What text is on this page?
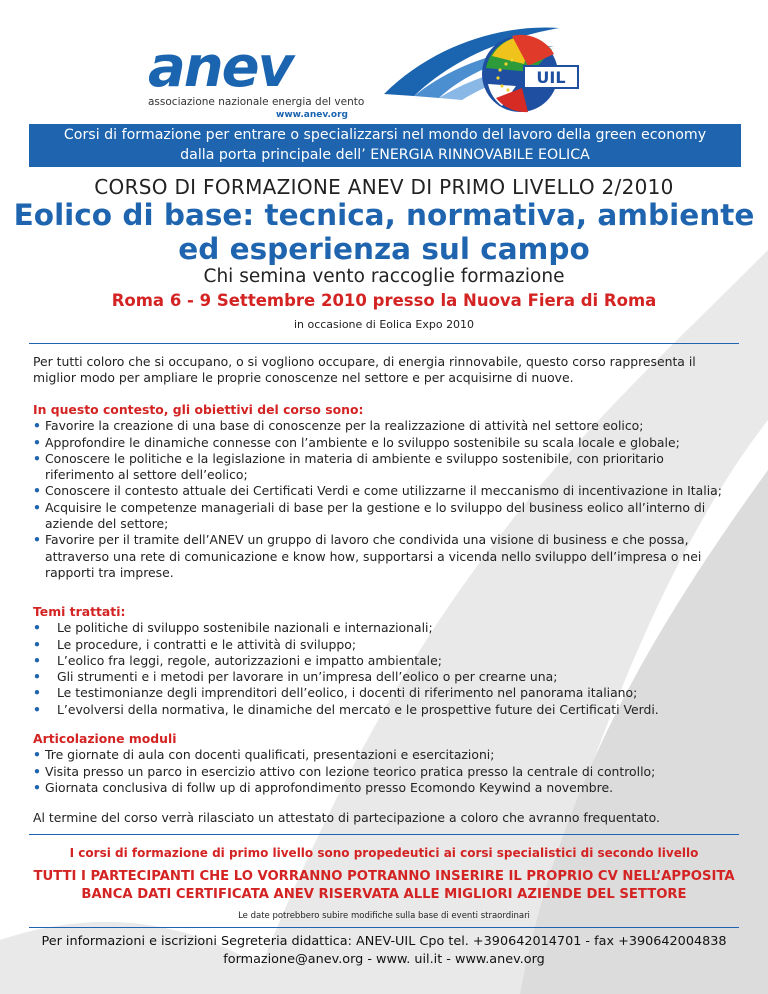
anev
associazione nazionale energia del vento
www.anev.org
UIL
Corsi di formazione per entrare o specializzarsi nel mondo del lavoro della green economy
dalla porta principale dell’ ENERGIA RINNOVABILE EOLICA
CORSO DI FORMAZIONE ANEV DI PRIMO LIVELLO 2/2010
Eolico di base: tecnica, normativa, ambiente
ed esperienza sul campo
Chi semina vento raccoglie formazione
Roma 6 - 9 Settembre 2010 presso la Nuova Fiera di Roma
in occasione di Eolica Expo 2010
Per tutti coloro che si occupano, o si vogliono occupare, di energia rinnovabile, questo corso rappresenta il miglior modo per ampliare le proprie conoscenze nel settore e per acquisirne di nuove.
In questo contesto, gli obiettivi del corso sono:
• Favorire la creazione di una base di conoscenze per la realizzazione di attività nel settore eolico;
• Approfondire le dinamiche connesse con l’ambiente e lo sviluppo sostenibile su scala locale e globale;
• Conoscere le politiche e la legislazione in materia di ambiente e sviluppo sostenibile, con prioritario riferimento al settore dell’eolico;
• Conoscere il contesto attuale dei Certificati Verdi e come utilizzarne il meccanismo di incentivazione in Italia;
• Acquisire le competenze manageriali di base per la gestione e lo sviluppo del business eolico all’interno di aziende del settore;
• Favorire per il tramite dell’ANEV un gruppo di lavoro che condivida una visione di business e che possa, attraverso una rete di comunicazione e know how, supportarsi a vicenda nello sviluppo dell’impresa o nei rapporti tra imprese.
Temi trattati:
• Le politiche di sviluppo sostenibile nazionali e internazionali;
• Le procedure, i contratti e le attività di sviluppo;
• L’eolico fra leggi, regole, autorizzazioni e impatto ambientale;
• Gli strumenti e i metodi per lavorare in un’impresa dell’eolico o per crearne una;
• Le testimonianze degli imprenditori dell’eolico, i docenti di riferimento nel panorama italiano;
• L’evolversi della normativa, le dinamiche del mercato e le prospettive future dei Certificati Verdi.
Articolazione moduli
• Tre giornate di aula con docenti qualificati, presentazioni e esercitazioni;
• Visita presso un parco in esercizio attivo con lezione teorico pratica presso la centrale di controllo;
• Giornata conclusiva di follw up di approfondimento presso Ecomondo Keywind a novembre.
Al termine del corso verrà rilasciato un attestato di partecipazione a coloro che avranno frequentato.
I corsi di formazione di primo livello sono propedeutici ai corsi specialistici di secondo livello
TUTTI I PARTECIPANTI CHE LO VORRANNO POTRANNO INSERIRE IL PROPRIO CV NELL’APPOSITA
BANCA DATI CERTIFICATA ANEV RISERVATA ALLE MIGLIORI AZIENDE DEL SETTORE
Le date potrebbero subire modifiche sulla base di eventi straordinari
Per informazioni e iscrizioni Segreteria didattica: ANEV-UIL Cpo tel. +390642014701 - fax +390642004838
formazione@anev.org - www. uil.it - www.anev.org
